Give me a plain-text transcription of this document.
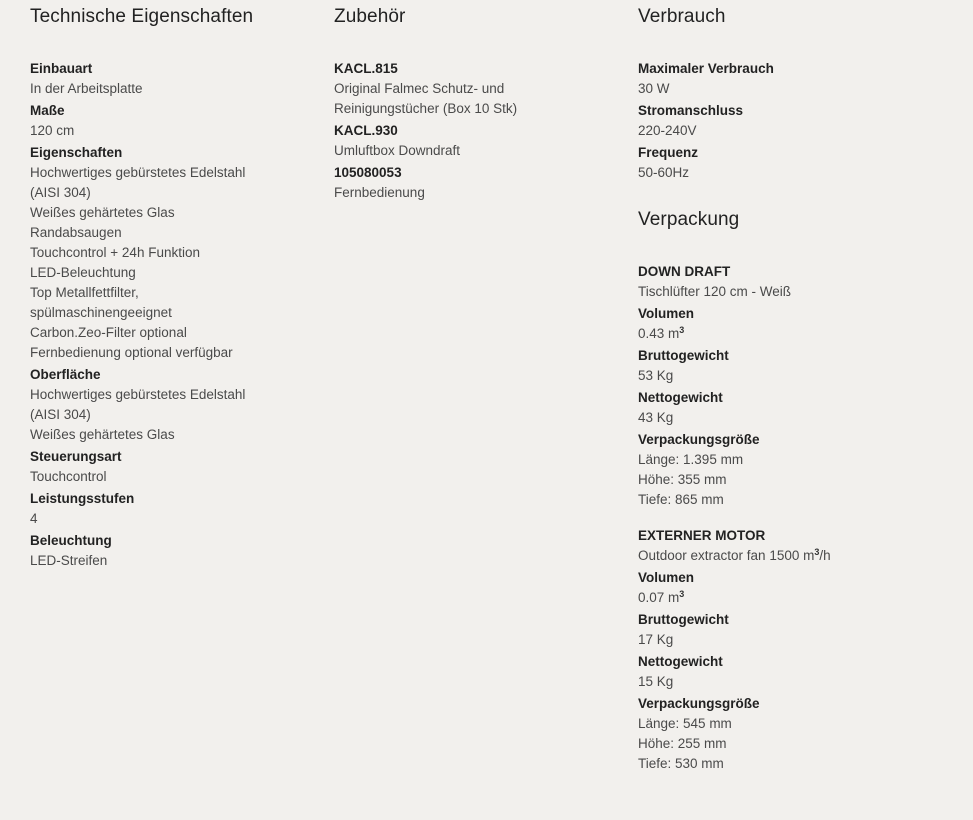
Technische Eigenschaften
Einbauart
In der Arbeitsplatte
Maße
120 cm
Eigenschaften
Hochwertiges gebürstetes Edelstahl
(AISI 304)
Weißes gehärtetes Glas
Randabsaugen
Touchcontrol + 24h Funktion
LED-Beleuchtung
Top Metallfettfilter,
spülmaschinengeeignet
Carbon.Zeo-Filter optional
Fernbedienung optional verfügbar
Oberfläche
Hochwertiges gebürstetes Edelstahl
(AISI 304)
Weißes gehärtetes Glas
Steuerungsart
Touchcontrol
Leistungsstufen
4
Beleuchtung
LED-Streifen
Zubehör
KACL.815
Original Falmec Schutz- und
Reinigungstücher (Box 10 Stk)
KACL.930
Umluftbox Downdraft
105080053
Fernbedienung
Verbrauch
Maximaler Verbrauch
30 W
Stromanschluss
220-240V
Frequenz
50-60Hz
Verpackung
DOWN DRAFT
Tischlüfter 120 cm - Weiß
Volumen
0.43 $m^3$
Bruttogewicht
53 Kg
Nettogewicht
43 Kg
Verpackungsgröße
Länge: 1.395 mm
Höhe: 355 mm
Tiefe: 865 mm
EXTERNER MOTOR
Outdoor extractor fan 1500 $m^3/h$
Volumen
0.07 $m^3$
Bruttogewicht
17 Kg
Nettogewicht
15 Kg
Verpackungsgröße
Länge: 545 mm
Höhe: 255 mm
Tiefe: 530 mm
